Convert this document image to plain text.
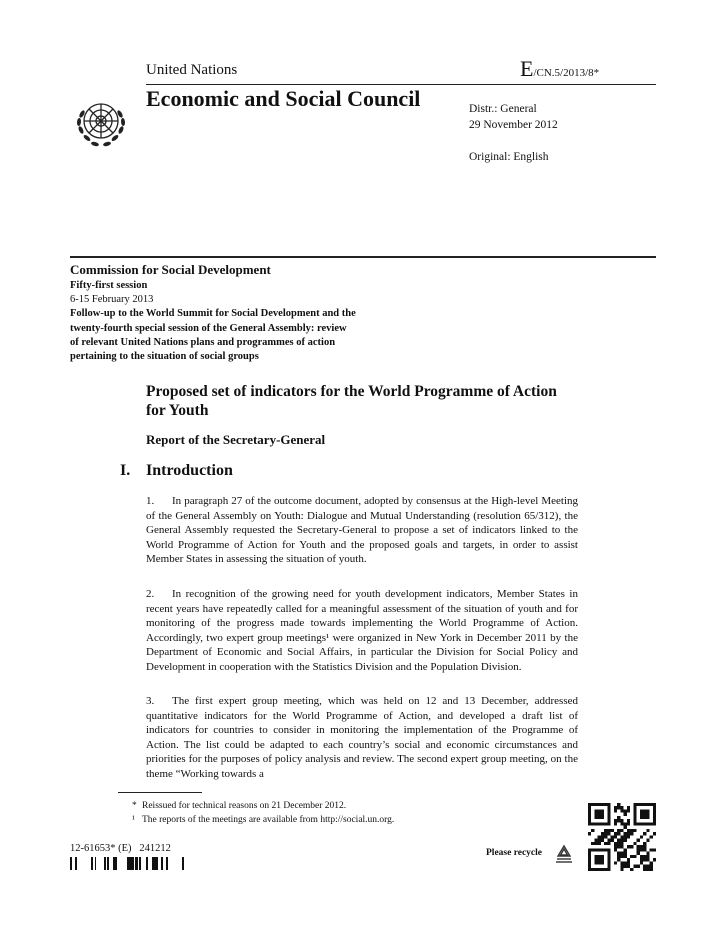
United Nations	E/CN.5/2013/8*
Economic and Social Council	Distr.: General
29 November 2012
Original: English
Commission for Social Development
Fifty-first session
6-15 February 2013
Follow-up to the World Summit for Social Development and the
twenty-fourth special session of the General Assembly: review
of relevant United Nations plans and programmes of action
pertaining to the situation of social groups
Proposed set of indicators for the World Programme of Action for Youth
Report of the Secretary-General
I. Introduction
1. In paragraph 27 of the outcome document, adopted by consensus at the High-level Meeting of the General Assembly on Youth: Dialogue and Mutual Understanding (resolution 65/312), the General Assembly requested the Secretary-General to propose a set of indicators linked to the World Programme of Action for Youth and the proposed goals and targets, in order to assist Member States in assessing the situation of youth.
2. In recognition of the growing need for youth development indicators, Member States in recent years have repeatedly called for a meaningful assessment of the situation of youth and for monitoring of the progress made towards implementing the World Programme of Action. Accordingly, two expert group meetings¹ were organized in New York in December 2011 by the Department of Economic and Social Affairs, in particular the Division for Social Policy and Development in cooperation with the Statistics Division and the Population Division.
3. The first expert group meeting, which was held on 12 and 13 December, addressed quantitative indicators for the World Programme of Action, and developed a draft list of indicators for countries to consider in monitoring the implementation of the Programme of Action. The list could be adapted to each country’s social and economic circumstances and priorities for the purposes of policy analysis and review. The second expert group meeting, on the theme “Working towards a
* Reissued for technical reasons on 21 December 2012.
¹ The reports of the meetings are available from http://social.un.org.
12-61653* (E) 241212	Please recycle
